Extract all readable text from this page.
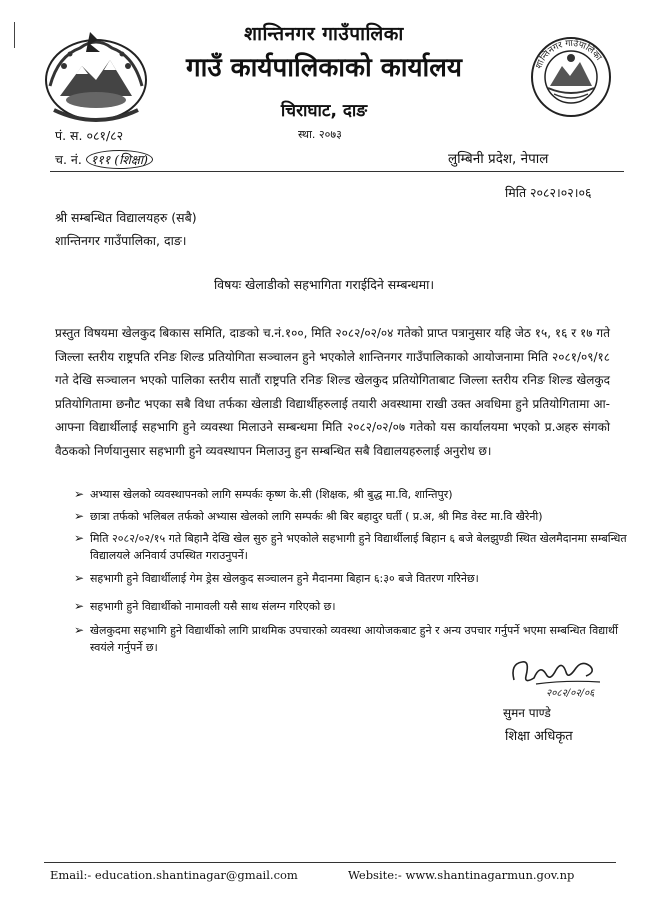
शान्तिनगर गाउँपालिका
शान्तिनगर गाउँपालिका
गाउँ कार्यपालिकाको कार्यालय
चिराघाट, दाङ
स्था. २०७३
पं. स. ०८१/८२
च. नं. १११ (शिक्षा)	लुम्बिनी प्रदेश, नेपाल
मिति २०८२।०२।०६
श्री सम्बन्धित विद्यालयहरु (सबै)
शान्तिनगर गाउँपालिका, दाङ।
विषयः खेलाडीको सहभागिता गराईदिने सम्बन्धमा।

प्रस्तुत विषयमा खेलकुद बिकास समिति, दाङको च.नं.१००, मिति २०८२/०२/०४ गतेको प्राप्त पत्रानुसार यहि जेठ १५, १६ र १७ गते जिल्ला स्तरीय राष्ट्रपति रनिङ शिल्ड प्रतियोगिता सञ्चालन हुने भएकोले शान्तिनगर गाउँपालिकाको आयोजनामा मिति २०८१/०९/१८ गते देखि सञ्चालन भएको पालिका स्तरीय सातौं राष्ट्रपति रनिङ शिल्ड खेलकुद प्रतियोगिताबाट जिल्ला स्तरीय रनिङ शिल्ड खेलकुद प्रतियोगितामा छनौट भएका सबै विधा तर्फका खेलाडी विद्यार्थीहरुलाई तयारी अवस्थामा राखी उक्त अवधिमा हुने प्रतियोगितामा आ-आफ्ना विद्यार्थीलाई सहभागि हुने व्यवस्था मिलाउने सम्बन्धमा मिति २०८२/०२/०७ गतेको यस कार्यालयमा भएको प्र.अहरु संगको वैठकको निर्णयानुसार सहभागी हुने व्यवस्थापन मिलाउनु हुन सम्बन्धित सबै विद्यालयहरुलाई अनुरोध छ।

➢ अभ्यास खेलको व्यवस्थापनको लागि सम्पर्कः कृष्ण के.सी (शिक्षक, श्री बुद्ध मा.वि, शान्तिपुर)
➢ छात्रा तर्फको भलिबल तर्फको अभ्यास खेलको लागि सम्पर्कः श्री बिर बहादुर घर्ती ( प्र.अ, श्री मिड वेस्ट मा.वि खैरेनी)
➢ मिति २०८२/०२/१५ गते बिहानै देखि खेल सुरु हुने भएकोले सहभागी हुने विद्यार्थीलाई बिहान ६ बजे बेलझुण्डी स्थित खेलमैदानमा सम्बन्धित विद्यालयले अनिवार्य उपस्थित गराउनुपर्ने।
➢ सहभागी हुने विद्यार्थीलाई गेम ड्रेस खेलकुद सञ्चालन हुने मैदानमा बिहान ६:३० बजे वितरण गरिनेछ।
➢ सहभागी हुने विद्यार्थीको नामावली यसै साथ संलग्न गरिएको छ।
➢ खेलकुदमा सहभागि हुने विद्यार्थीको लागि प्राथमिक उपचारको व्यवस्था आयोजकबाट हुने र अन्य उपचार गर्नुपर्ने भएमा सम्बन्धित विद्यार्थी स्वयंले गर्नुपर्ने छ।
२०८२/०२/०६
सुमन पाण्डे
शिक्षा अधिकृत
Email:- education.shantinagar@gmail.com	Website:- www.shantinagarmun.gov.np
